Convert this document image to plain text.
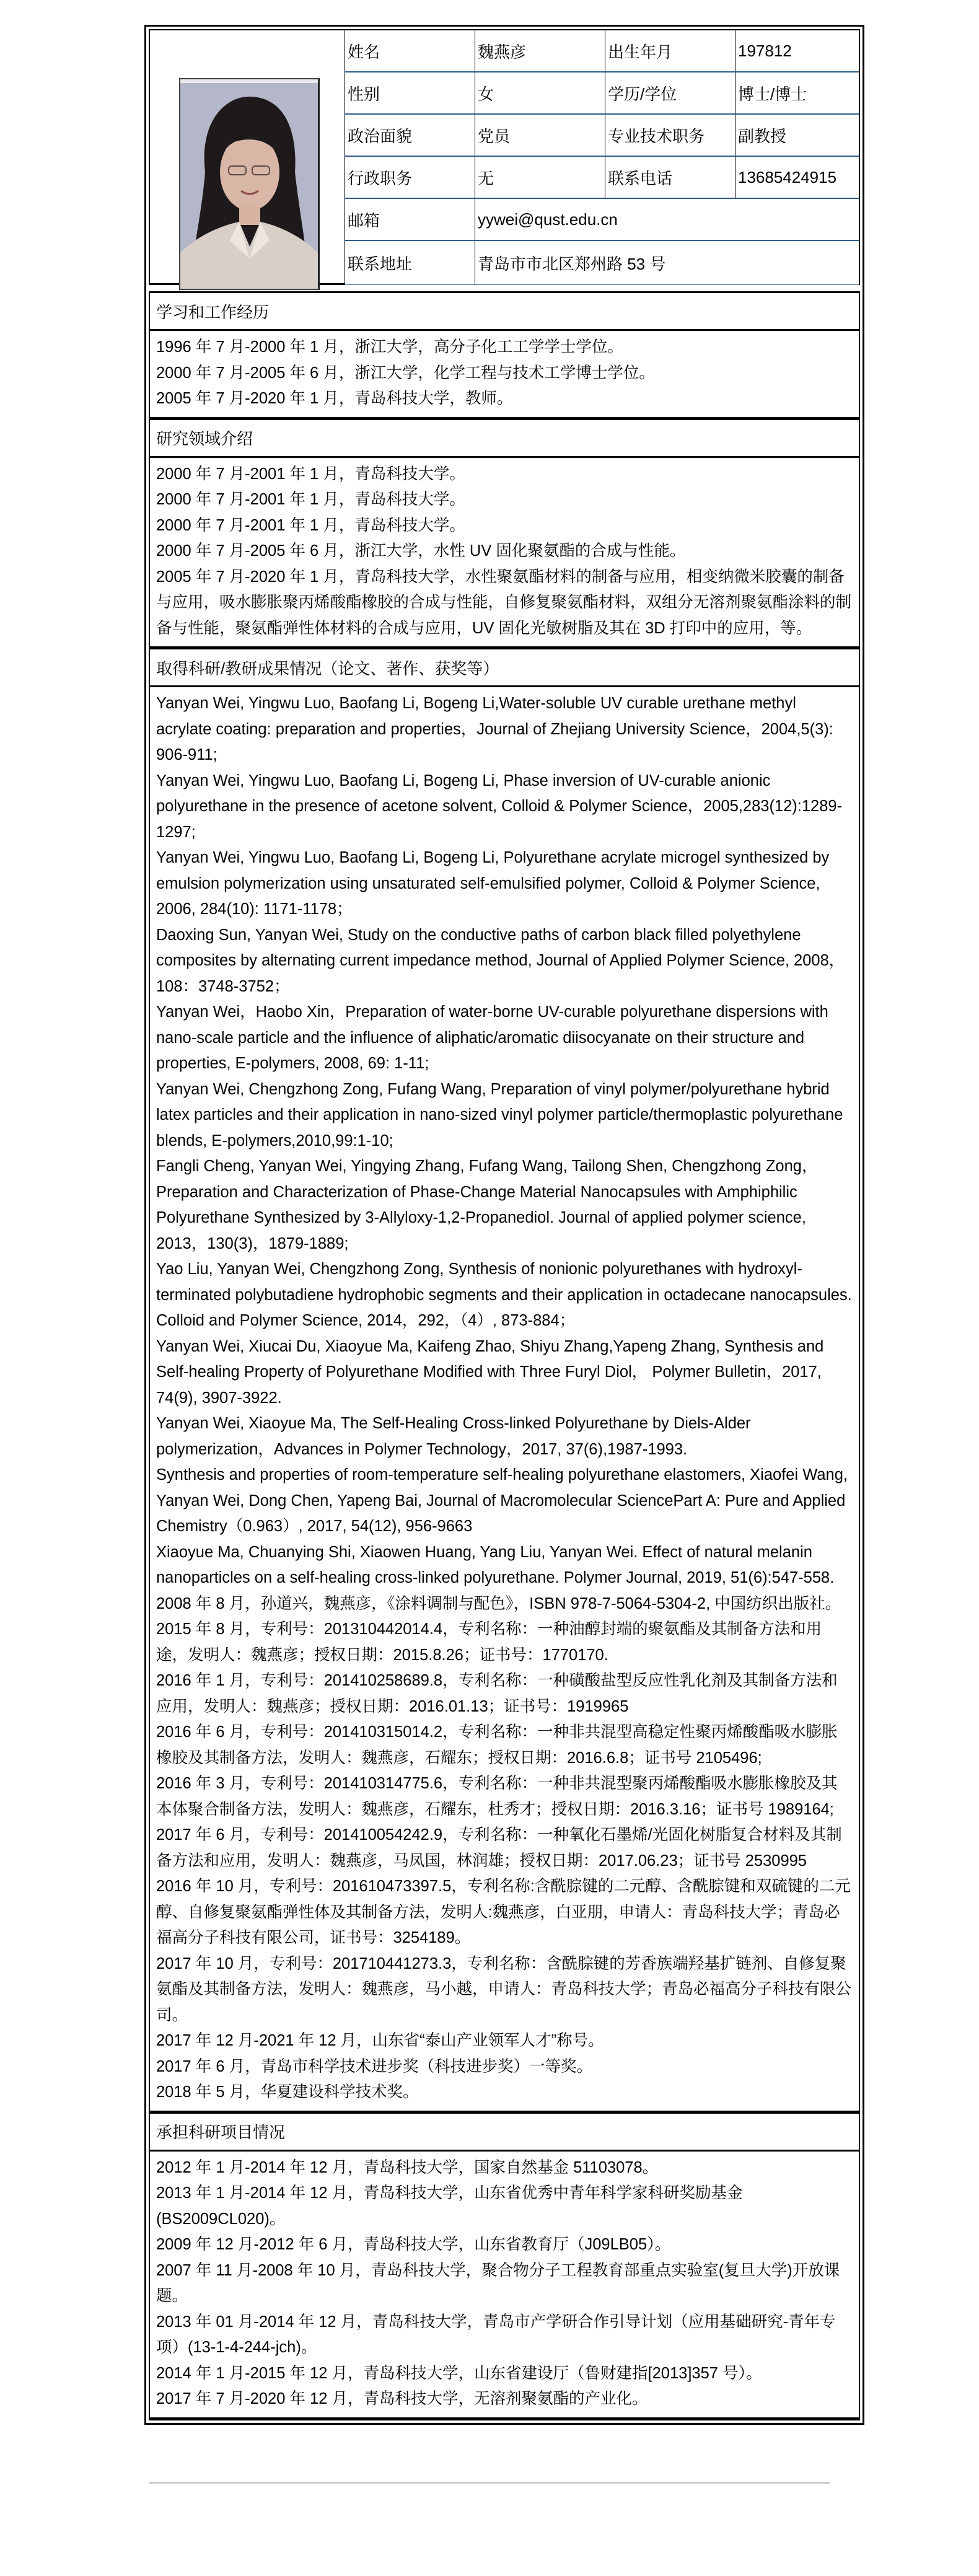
姓名	魏燕彦	出生年月	197812
性别	女	学历/学位	博士/博士
政治面貌	党员	专业技术职务	副教授
行政职务	无	联系电话	13685424915
邮箱	yywei@qust.edu.cn
联系地址	青岛市市北区郑州路 53 号
学习和工作经历

1996 年 7 月-2000 年 1 月，浙江大学，高分子化工工学学士学位。

2000 年 7 月-2005 年 6 月，浙江大学，化学工程与技术工学博士学位。

2005 年 7 月-2020 年 1 月，青岛科技大学，教师。

研究领域介绍

2000 年 7 月-2001 年 1 月，青岛科技大学。

2000 年 7 月-2001 年 1 月，青岛科技大学。

2000 年 7 月-2001 年 1 月，青岛科技大学。

2000 年 7 月-2005 年 6 月，浙江大学，水性 UV 固化聚氨酯的合成与性能。

2005 年 7 月-2020 年 1 月，青岛科技大学，水性聚氨酯材料的制备与应用，相变纳微米胶囊的制备与应用，吸水膨胀聚丙烯酸酯橡胶的合成与性能，自修复聚氨酯材料，双组分无溶剂聚氨酯涂料的制备与性能，聚氨酯弹性体材料的合成与应用，UV 固化光敏树脂及其在 3D 打印中的应用，等。

取得科研/教研成果情况（论文、著作、获奖等）

Yanyan Wei, Yingwu Luo, Baofang Li, Bogeng Li,Water-soluble UV curable urethane methyl acrylate coating: preparation and properties，Journal of Zhejiang University Science，2004,5(3): 906-911;

Yanyan Wei, Yingwu Luo, Baofang Li, Bogeng Li, Phase inversion of UV-curable anionic polyurethane in the presence of acetone solvent, Colloid & Polymer Science，2005,283(12):1289-1297;

Yanyan Wei, Yingwu Luo, Baofang Li, Bogeng Li, Polyurethane acrylate microgel synthesized by emulsion polymerization using unsaturated self-emulsified polymer, Colloid & Polymer Science, 2006, 284(10): 1171-1178；

Daoxing Sun, Yanyan Wei, Study on the conductive paths of carbon black filled polyethylene composites by alternating current impedance method, Journal of Applied Polymer Science, 2008，108：3748-3752；

Yanyan Wei，Haobo Xin，Preparation of water-borne UV-curable polyurethane dispersions with nano-scale particle and the influence of aliphatic/aromatic diisocyanate on their structure and properties, E-polymers, 2008, 69: 1-11;

Yanyan Wei, Chengzhong Zong, Fufang Wang, Preparation of vinyl polymer/polyurethane hybrid latex particles and their application in nano-sized vinyl polymer particle/thermoplastic polyurethane blends, E-polymers,2010,99:1-10;

Fangli Cheng, Yanyan Wei, Yingying Zhang, Fufang Wang, Tailong Shen, Chengzhong Zong，Preparation and Characterization of Phase-Change Material Nanocapsules with Amphiphilic Polyurethane Synthesized by 3-Allyloxy-1,2-Propanediol. Journal of applied polymer science, 2013，130(3)，1879-1889;

Yao Liu, Yanyan Wei, Chengzhong Zong, Synthesis of nonionic polyurethanes with hydroxyl-terminated polybutadiene hydrophobic segments and their application in octadecane nanocapsules. Colloid and Polymer Science, 2014，292，（4）, 873-884；

Yanyan Wei, Xiucai Du, Xiaoyue Ma, Kaifeng Zhao, Shiyu Zhang,Yapeng Zhang, Synthesis and Self-healing Property of Polyurethane Modified with Three Furyl Diol， Polymer Bulletin，2017, 74(9), 3907-3922.

Yanyan Wei, Xiaoyue Ma, The Self-Healing Cross-linked Polyurethane by Diels-Alder polymerization，Advances in Polymer Technology，2017, 37(6),1987-1993.

Synthesis and properties of room-temperature self-healing polyurethane elastomers, Xiaofei Wang, Yanyan Wei, Dong Chen, Yapeng Bai, Journal of Macromolecular SciencePart A: Pure and Applied Chemistry（0.963）, 2017, 54(12), 956-9663

Xiaoyue Ma, Chuanying Shi, Xiaowen Huang, Yang Liu, Yanyan Wei. Effect of natural melanin nanoparticles on a self-healing cross-linked polyurethane. Polymer Journal, 2019, 51(6):547-558.

2008 年 8 月，孙道兴，魏燕彦，《涂料调制与配色》，ISBN 978-7-5064-5304-2, 中国纺织出版社。

2015 年 8 月，专利号：201310442014.4，专利名称：一种油醇封端的聚氨酯及其制备方法和用途，发明人：魏燕彦；授权日期：2015.8.26；证书号：1770170.

2016 年 1 月，专利号：201410258689.8，专利名称：一种磺酸盐型反应性乳化剂及其制备方法和应用，发明人：魏燕彦；授权日期：2016.01.13；证书号：1919965

2016 年 6 月，专利号：201410315014.2，专利名称：一种非共混型高稳定性聚丙烯酸酯吸水膨胀橡胶及其制备方法，发明人：魏燕彦，石耀东；授权日期：2016.6.8；证书号 2105496;

2016 年 3 月，专利号：201410314775.6，专利名称：一种非共混型聚丙烯酸酯吸水膨胀橡胶及其本体聚合制备方法，发明人：魏燕彦，石耀东，杜秀才；授权日期：2016.3.16；证书号 1989164;

2017 年 6 月，专利号：201410054242.9，专利名称：一种氧化石墨烯/光固化树脂复合材料及其制备方法和应用，发明人：魏燕彦，马凤国，林润雄；授权日期：2017.06.23；证书号 2530995

2016 年 10 月，专利号：201610473397.5，专利名称:含酰腙键的二元醇、含酰腙键和双硫键的二元醇、自修复聚氨酯弹性体及其制备方法，发明人:魏燕彦，白亚朋，申请人：青岛科技大学；青岛必福高分子科技有限公司，证书号：3254189。

2017 年 10 月，专利号：201710441273.3，专利名称：含酰腙键的芳香族端羟基扩链剂、自修复聚氨酯及其制备方法，发明人：魏燕彦，马小越，申请人：青岛科技大学；青岛必福高分子科技有限公司。

2017 年 12 月-2021 年 12 月，山东省“泰山产业领军人才”称号。

2017 年 6 月，青岛市科学技术进步奖（科技进步奖）一等奖。

2018 年 5 月，华夏建设科学技术奖。

承担科研项目情况

2012 年 1 月-2014 年 12 月，青岛科技大学，国家自然基金 51103078。

2013 年 1 月-2014 年 12 月，青岛科技大学，山东省优秀中青年科学家科研奖励基金(BS2009CL020)。

2009 年 12 月-2012 年 6 月，青岛科技大学，山东省教育厅（J09LB05）。

2007 年 11 月-2008 年 10 月，青岛科技大学，聚合物分子工程教育部重点实验室(复旦大学)开放课题。

2013 年 01 月-2014 年 12 月，青岛科技大学，青岛市产学研合作引导计划（应用基础研究-青年专项）(13-1-4-244-jch)。

2014 年 1 月-2015 年 12 月，青岛科技大学，山东省建设厅（鲁财建指[2013]357 号）。

2017 年 7 月-2020 年 12 月，青岛科技大学，无溶剂聚氨酯的产业化。
